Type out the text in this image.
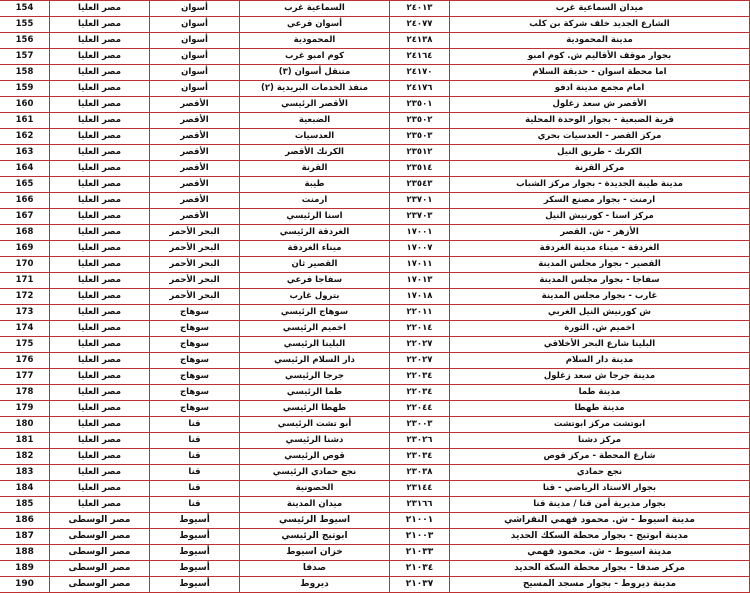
ميدان السماعية غرب	٢٤٠١٣	السماعية غرب	أسوان	مصر العليا	154
الشارع الجديد خلف شركة بن كلب	٢٤٠٧٧	أسوان فرعي	أسوان	مصر العليا	155
مدينة المحمودية	٢٤١٣٨	المحمودية	أسوان	مصر العليا	156
بجوار موقف الأقاليم ش. كوم امبو	٢٤١٦٤	كوم امبو غرب	أسوان	مصر العليا	157
اما محطة اسوان - حديقة السلام	٢٤١٧٠	متنقل أسوان (٣)	أسوان	مصر العليا	158
امام مجمع مدينة ادفو	٢٤١٧٦	منفذ الخدمات البريدية (٢)	أسوان	مصر العليا	159
الأقصر ش سعد زغلول	٢٣٥٠١	الأقصر الرئيسي	الأقصر	مصر العليا	160
قرية الضبعية - بجوار الوحدة المحلية	٢٣٥٠٢	الضبعية	الأقصر	مصر العليا	161
مركز القصر - العدسيات بحري	٢٣٥٠٣	العدسيات	الأقصر	مصر العليا	162
الكرنك - طريق النيل	٢٣٥١٢	الكرنك الأقصر	الأقصر	مصر العليا	163
مركز القرنة	٢٣٥١٤	القرنة	الأقصر	مصر العليا	164
مدينة طيبة الجديدة - بجوار مركز الشباب	٢٣٥٤٣	طيبة	الأقصر	مصر العليا	165
ارمنت - بجوار مصنع السكر	٢٣٧٠١	ارمنت	الأقصر	مصر العليا	166
مركز اسنا - كورنيش النيل	٢٣٧٠٣	اسنا الرئيسي	الأقصر	مصر العليا	167
الأزهر - ش. القصر	١٧٠٠١	الغردقة الرئيسي	البحر الأحمر	مصر العليا	168
الغردقة - ميناء مدينة الغردقة	١٧٠٠٧	ميناء الغردقة	البحر الأحمر	مصر العليا	169
القصير - بجوار مجلس المدينة	١٧٠١١	القصير ثان	البحر الأحمر	مصر العليا	170
سفاجا - بجوار مجلس المدينة	١٧٠١٣	سفاجا فرعي	البحر الأحمر	مصر العليا	171
غارب - بجوار مجلس المدينة	١٧٠١٨	بترول غارب	البحر الأحمر	مصر العليا	172
ش كورنيش النيل الغربي	٢٢٠١١	سوهاج الرئيسي	سوهاج	مصر العليا	173
اخميم ش. الثورة	٢٢٠١٤	اخميم الرئيسي	سوهاج	مصر العليا	174
البلينا شارع البحر الأخلاقي	٢٢٠٢٧	البلينا الرئيسي	سوهاج	مصر العليا	175
مدينة دار السلام	٢٢٠٢٧	دار السلام الرئيسي	سوهاج	مصر العليا	176
مدينة جرجا ش سعد زغلول	٢٢٠٣٤	جرجا الرئيسي	سوهاج	مصر العليا	177
مدينة طما	٢٢٠٣٤	طما الرئيسي	سوهاج	مصر العليا	178
مدينة طهطا	٢٢٠٤٤	طهطا الرئيسي	سوهاج	مصر العليا	179
ابوتشت مركز ابوتشت	٢٣٠٠٣	أبو تشت الرئيسي	قنا	مصر العليا	180
مركز دشنا	٢٣٠٢٦	دشنا الرئيسي	قنا	مصر العليا	181
شارع المحطة - مركز قوص	٢٣٠٣٤	قوص الرئيسي	قنا	مصر العليا	182
نجع حمادي	٢٣٠٣٨	نجع حمادي الرئيسي	قنا	مصر العليا	183
بجوار الاستاد الرياضي - قنا	٢٣١٤٤	الحصونية	قنا	مصر العليا	184
بجوار مديرية أمن قنا / مدينة قنا	٢٣١٦٦	ميدان المدينة	قنا	مصر العليا	185
مدينة اسيوط - ش. محمود فهمي النقراشي	٢١٠٠١	اسيوط الرئيسي	أسيوط	مصر الوسطى	186
مدينة ابوتيج - بجوار محطة السكك الحديد	٢١٠٠٣	ابوتيج الرئيسي	أسيوط	مصر الوسطى	187
مدينة اسيوط - ش. محمود فهمي	٢١٠٣٣	خزان اسيوط	أسيوط	مصر الوسطى	188
مركز صدفا - بجوار محطة السكة الحديد	٢١٠٣٤	صدفا	أسيوط	مصر الوسطى	189
مدينة ديروط - بجوار مسجد المسيح	٢١٠٣٧	ديروط	أسيوط	مصر الوسطى	190
